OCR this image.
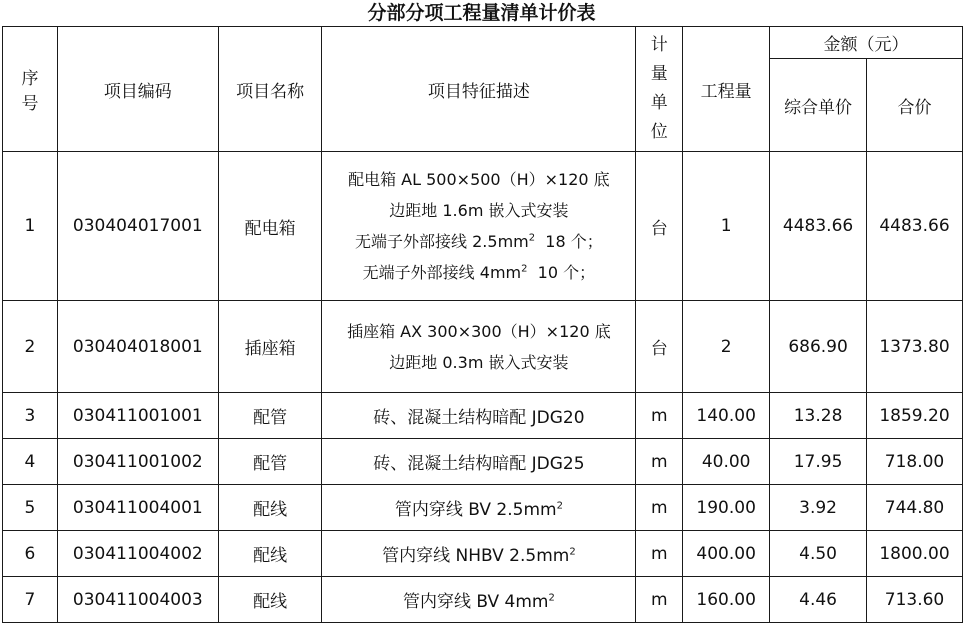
分部分项工程量清单计价表
序
号	项目编码	项目名称	项目特征描述	计
量
单
位	工程量	金额（元）	
						综合单价	合价
1	030404017001	配电箱	配电箱 AL 500×500（H）×120 底
边距地 1.6m 嵌入式安装
无端子外部接线 $2.5mm^2$  18 个；
无端子外部接线 $4mm^2$  10 个；	台	1	4483.66	4483.66
2	030404018001	插座箱	插座箱 AX 300×300（H）×120 底
边距地 0.3m 嵌入式安装	台	2	686.90	1373.80
3	030411001001	配管	砖、混凝土结构暗配 JDG20	m	140.00	13.28	1859.20
4	030411001002	配管	砖、混凝土结构暗配 JDG25	m	40.00	17.95	718.00
5	030411004001	配线	管内穿线 BV $2.5mm^2$	m	190.00	3.92	744.80
6	030411004002	配线	管内穿线 NHBV $2.5mm^2$	m	400.00	4.50	1800.00
7	030411004003	配线	管内穿线 BV $4mm^2$	m	160.00	4.46	713.60
